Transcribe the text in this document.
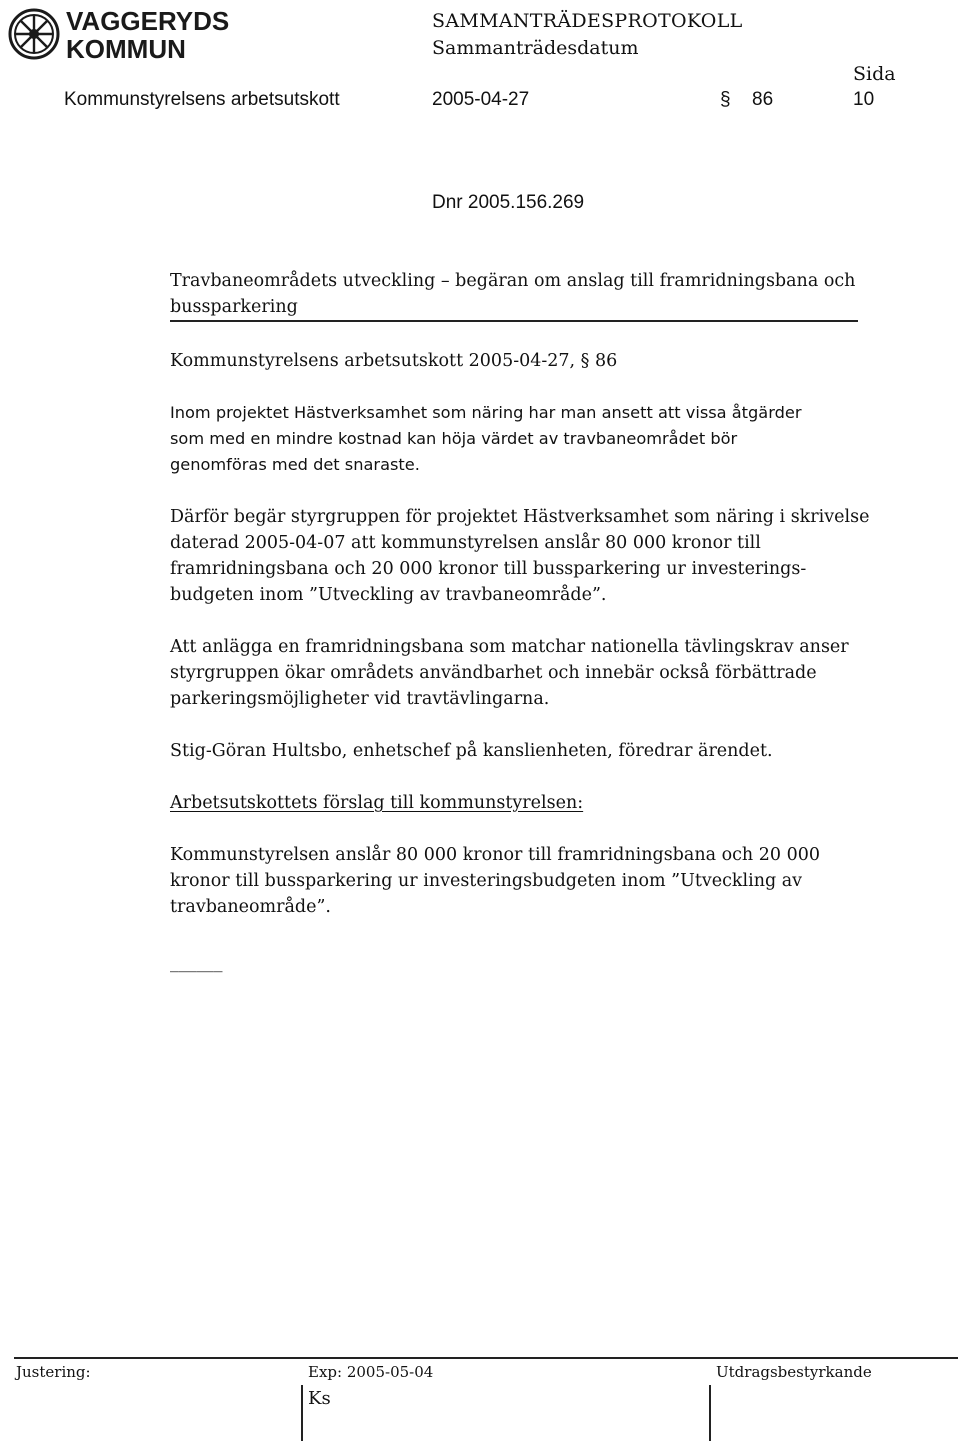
VAGGERYDS
KOMMUN
SAMMANTRÄDESPROTOKOLL
Sammanträdesdatum
Sida
Kommunstyrelsens arbetsutskott	2005-04-27	§ 86	10
Dnr 2005.156.269
Travbaneområdets utveckling – begäran om anslag till framridningsbana och
bussparkering
Kommunstyrelsens arbetsutskott 2005-04-27, § 86
Inom projektet Hästverksamhet som näring har man ansett att vissa åtgärder
som med en mindre kostnad kan höja värdet av travbaneområdet bör
genomföras med det snaraste.
Därför begär styrgruppen för projektet Hästverksamhet som näring i skrivelse
daterad 2005-04-07 att kommunstyrelsen anslår 80 000 kronor till
framridningsbana och 20 000 kronor till bussparkering ur investerings-
budgeten inom ”Utveckling av travbaneområde”.
Att anlägga en framridningsbana som matchar nationella tävlingskrav anser
styrgruppen ökar områdets användbarhet och innebär också förbättrade
parkeringsmöjligheter vid travtävlingarna.
Stig-Göran Hultsbo, enhetschef på kanslienheten, föredrar ärendet.
Arbetsutskottets förslag till kommunstyrelsen:
Kommunstyrelsen anslår 80 000 kronor till framridningsbana och 20 000
kronor till bussparkering ur investeringsbudgeten inom ”Utveckling av
travbaneområde”.
______
Justering:	Exp: 2005-05-04	Utdragsbestyrkande
Ks
